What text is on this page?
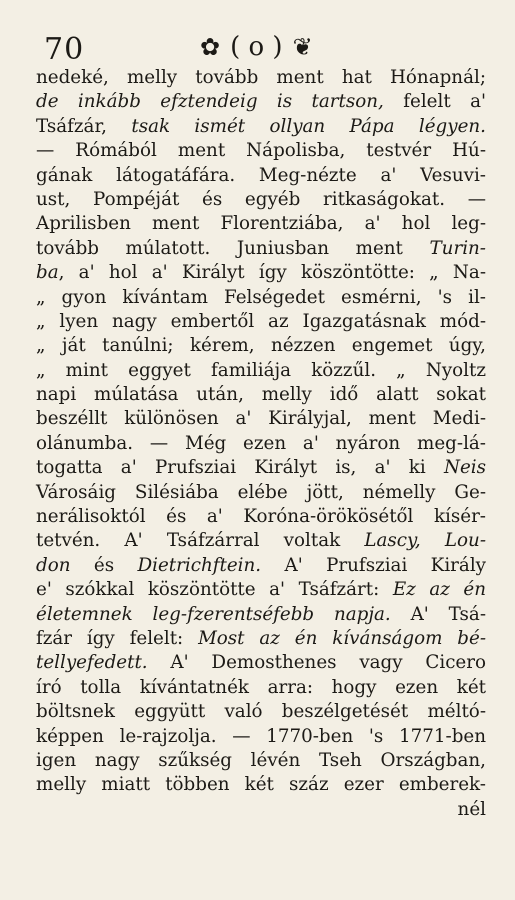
70	✿ ( o ) ❦
nedeké, melly tovább ment hat Hónapnál;
de inkább efztendeig is tartson, felelt a'
Tsáfzár, tsak ismét ollyan Pápa légyen.
— Rómából ment Nápolisba, testvér Hú-
gának látogatáfára. Meg-nézte a' Vesuvi-
ust, Pompéját és egyéb ritkaságokat. —
Aprilisben ment Florentziába, a' hol leg-
tovább múlatott. Juniusban ment Turin-
ba, a' hol a' Királyt így köszöntötte: „ Na-
„ gyon kívántam Felségedet esmérni, 's il-
„ lyen nagy embertől az Igazgatásnak mód-
„ ját tanúlni; kérem, nézzen engemet úgy,
„ mint eggyet familiája közzűl. „ Nyoltz
napi múlatása után, melly idő alatt sokat
beszéllt különösen a' Királyjal, ment Medi-
olánumba. — Még ezen a' nyáron meg-lá-
togatta a' Prufsziai Királyt is, a' ki Neis
Városáig Silésiába elébe jött, némelly Ge-
nerálisoktól és a' Koróna-örökösétől kísér-
tetvén. A' Tsáfzárral voltak Lascy, Lou-
don és Dietrichftein. A' Prufsziai Király
e' szókkal köszöntötte a' Tsáfzárt: Ez az én
életemnek leg-fzerentséfebb napja. A' Tsá-
fzár így felelt: Most az én kívánságom bé-
tellyefedett. A' Demosthenes vagy Cicero
író tolla kívántatnék arra: hogy ezen két
böltsnek eggyütt való beszélgetését méltó-
képpen le-rajzolja. — 1770-ben 's 1771-ben
igen nagy szűkség lévén Tseh Országban,
melly miatt többen két száz ezer emberek-
nél
